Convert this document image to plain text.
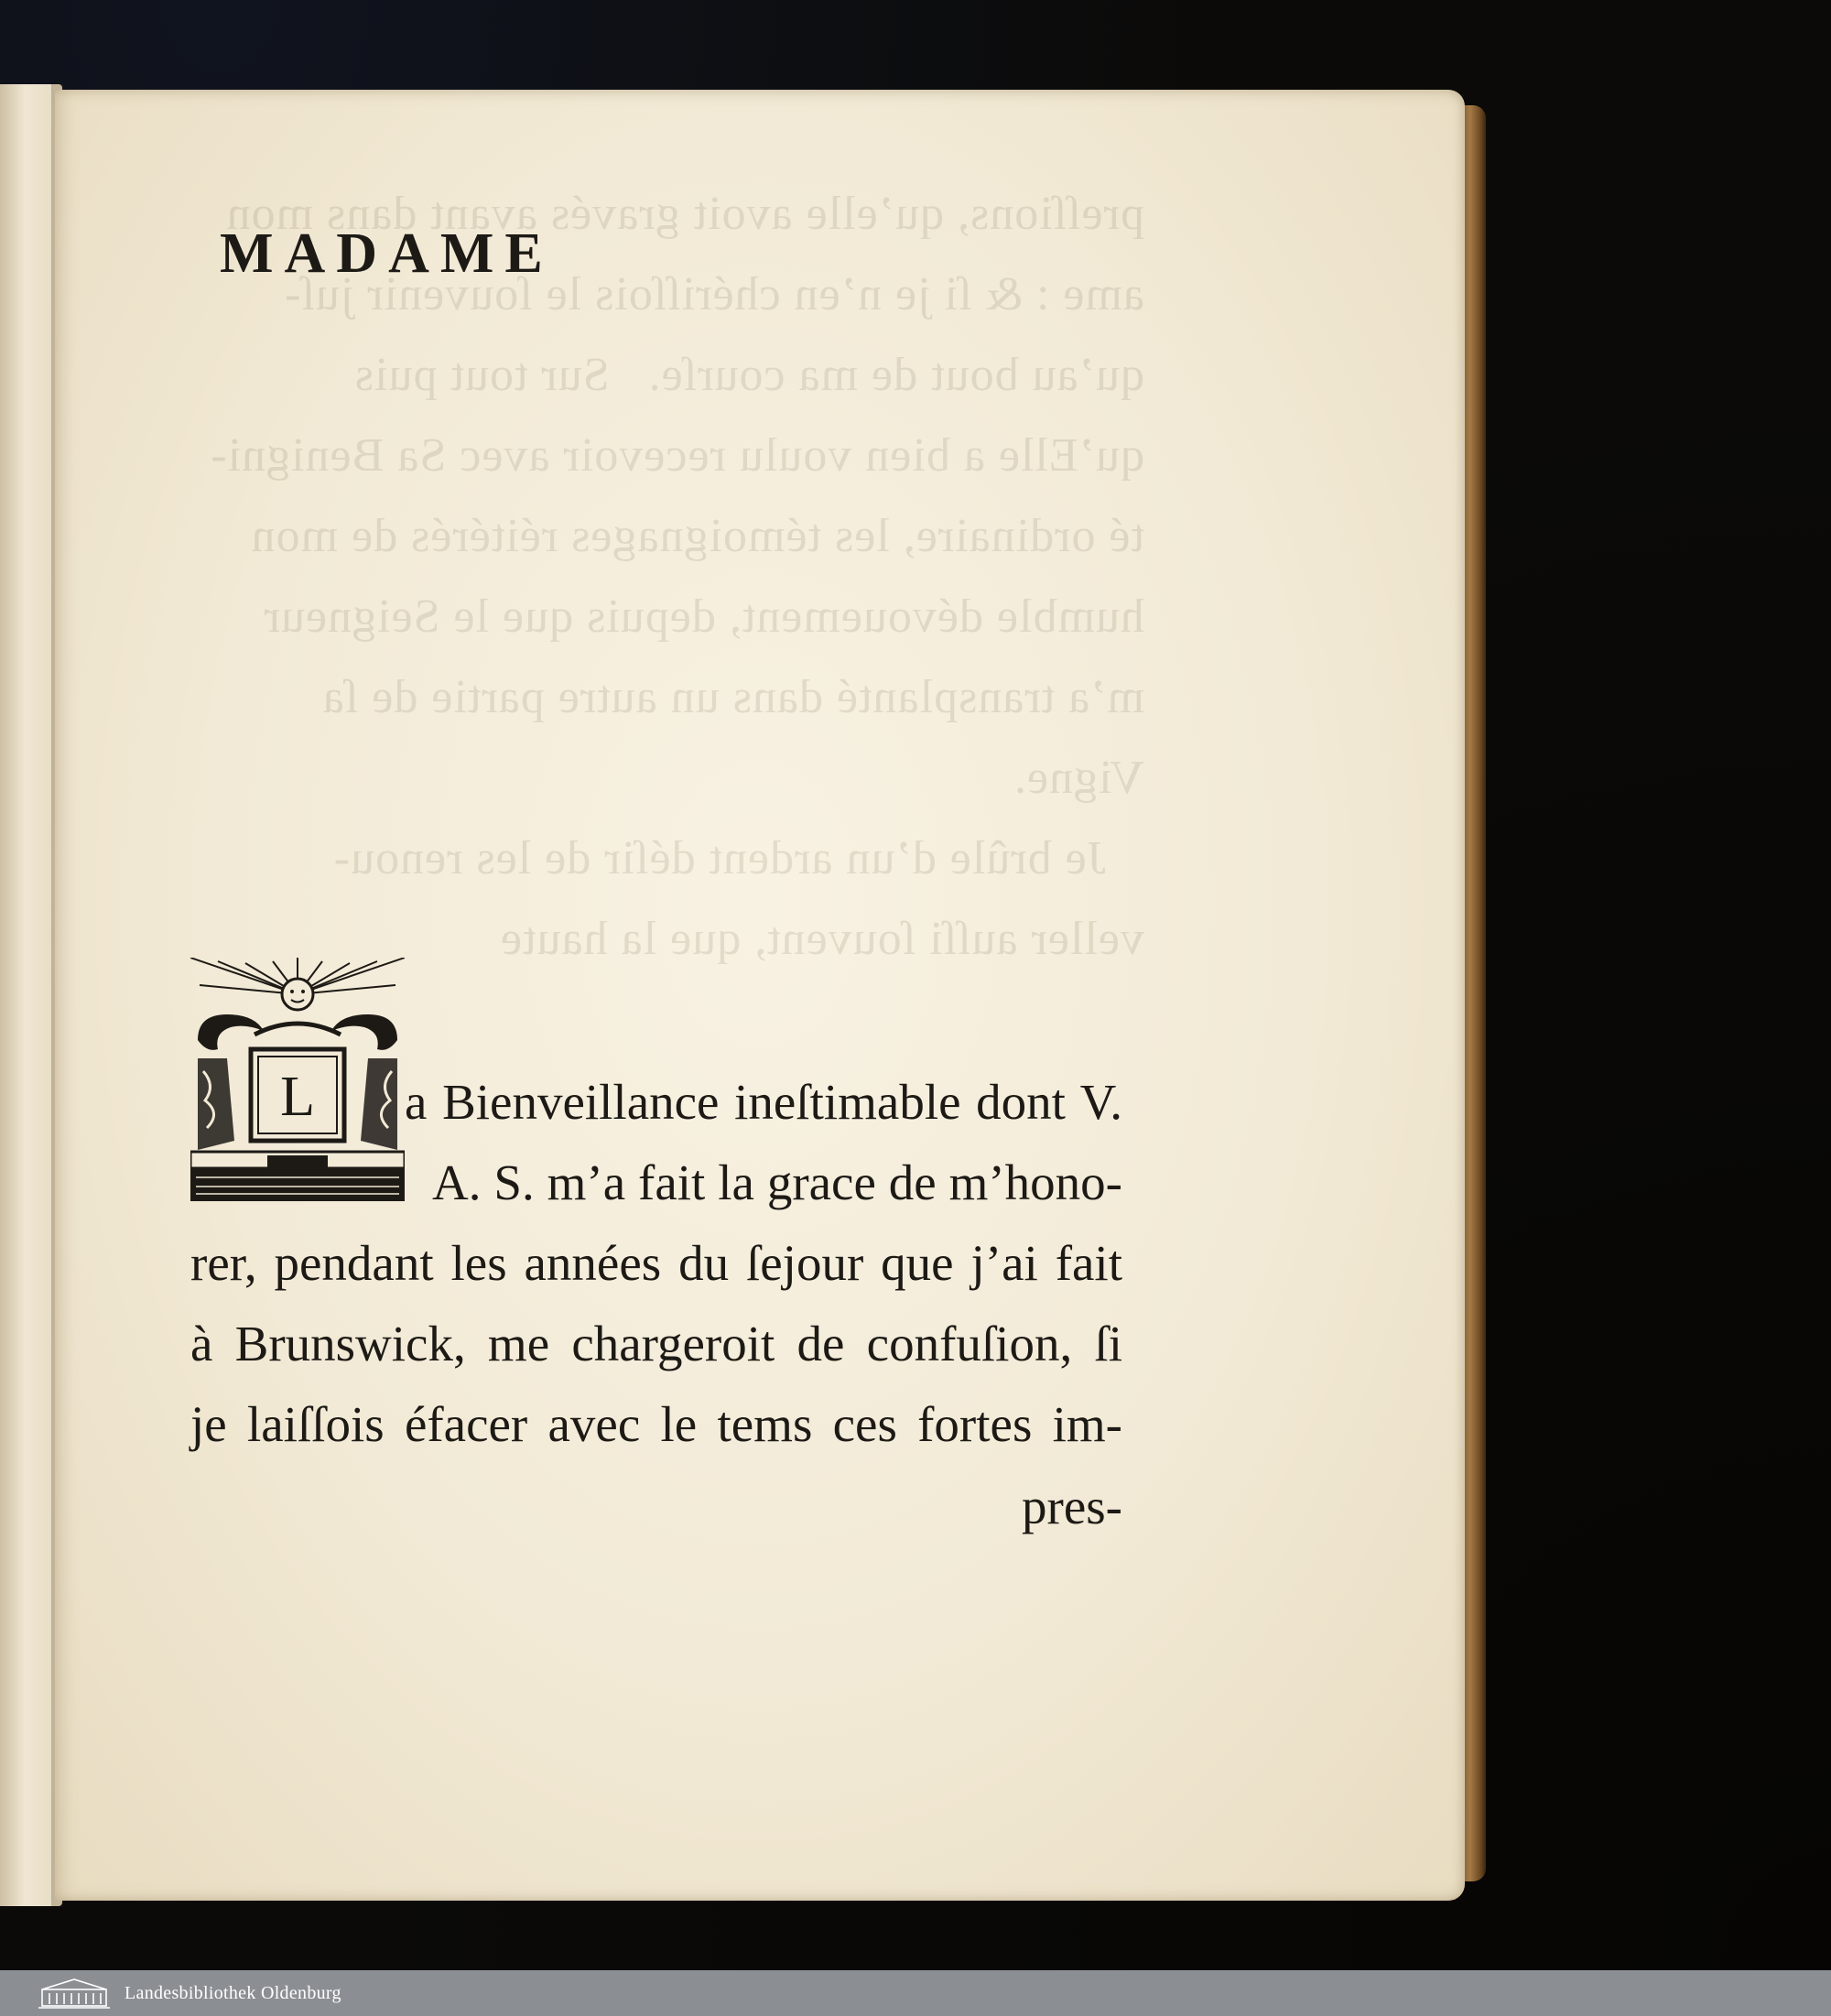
MADAME
L a Bienveillance ineſtimable dont V.

A. S. m’a fait la grace de m’hono-

rer, pendant les années du ſejour que j’ai fait

à Brunswick, me chargeroit de confuſion, ſi

je laiſſois éfacer avec le tems ces fortes im-

pres-

Landesbibliothek Oldenburg
